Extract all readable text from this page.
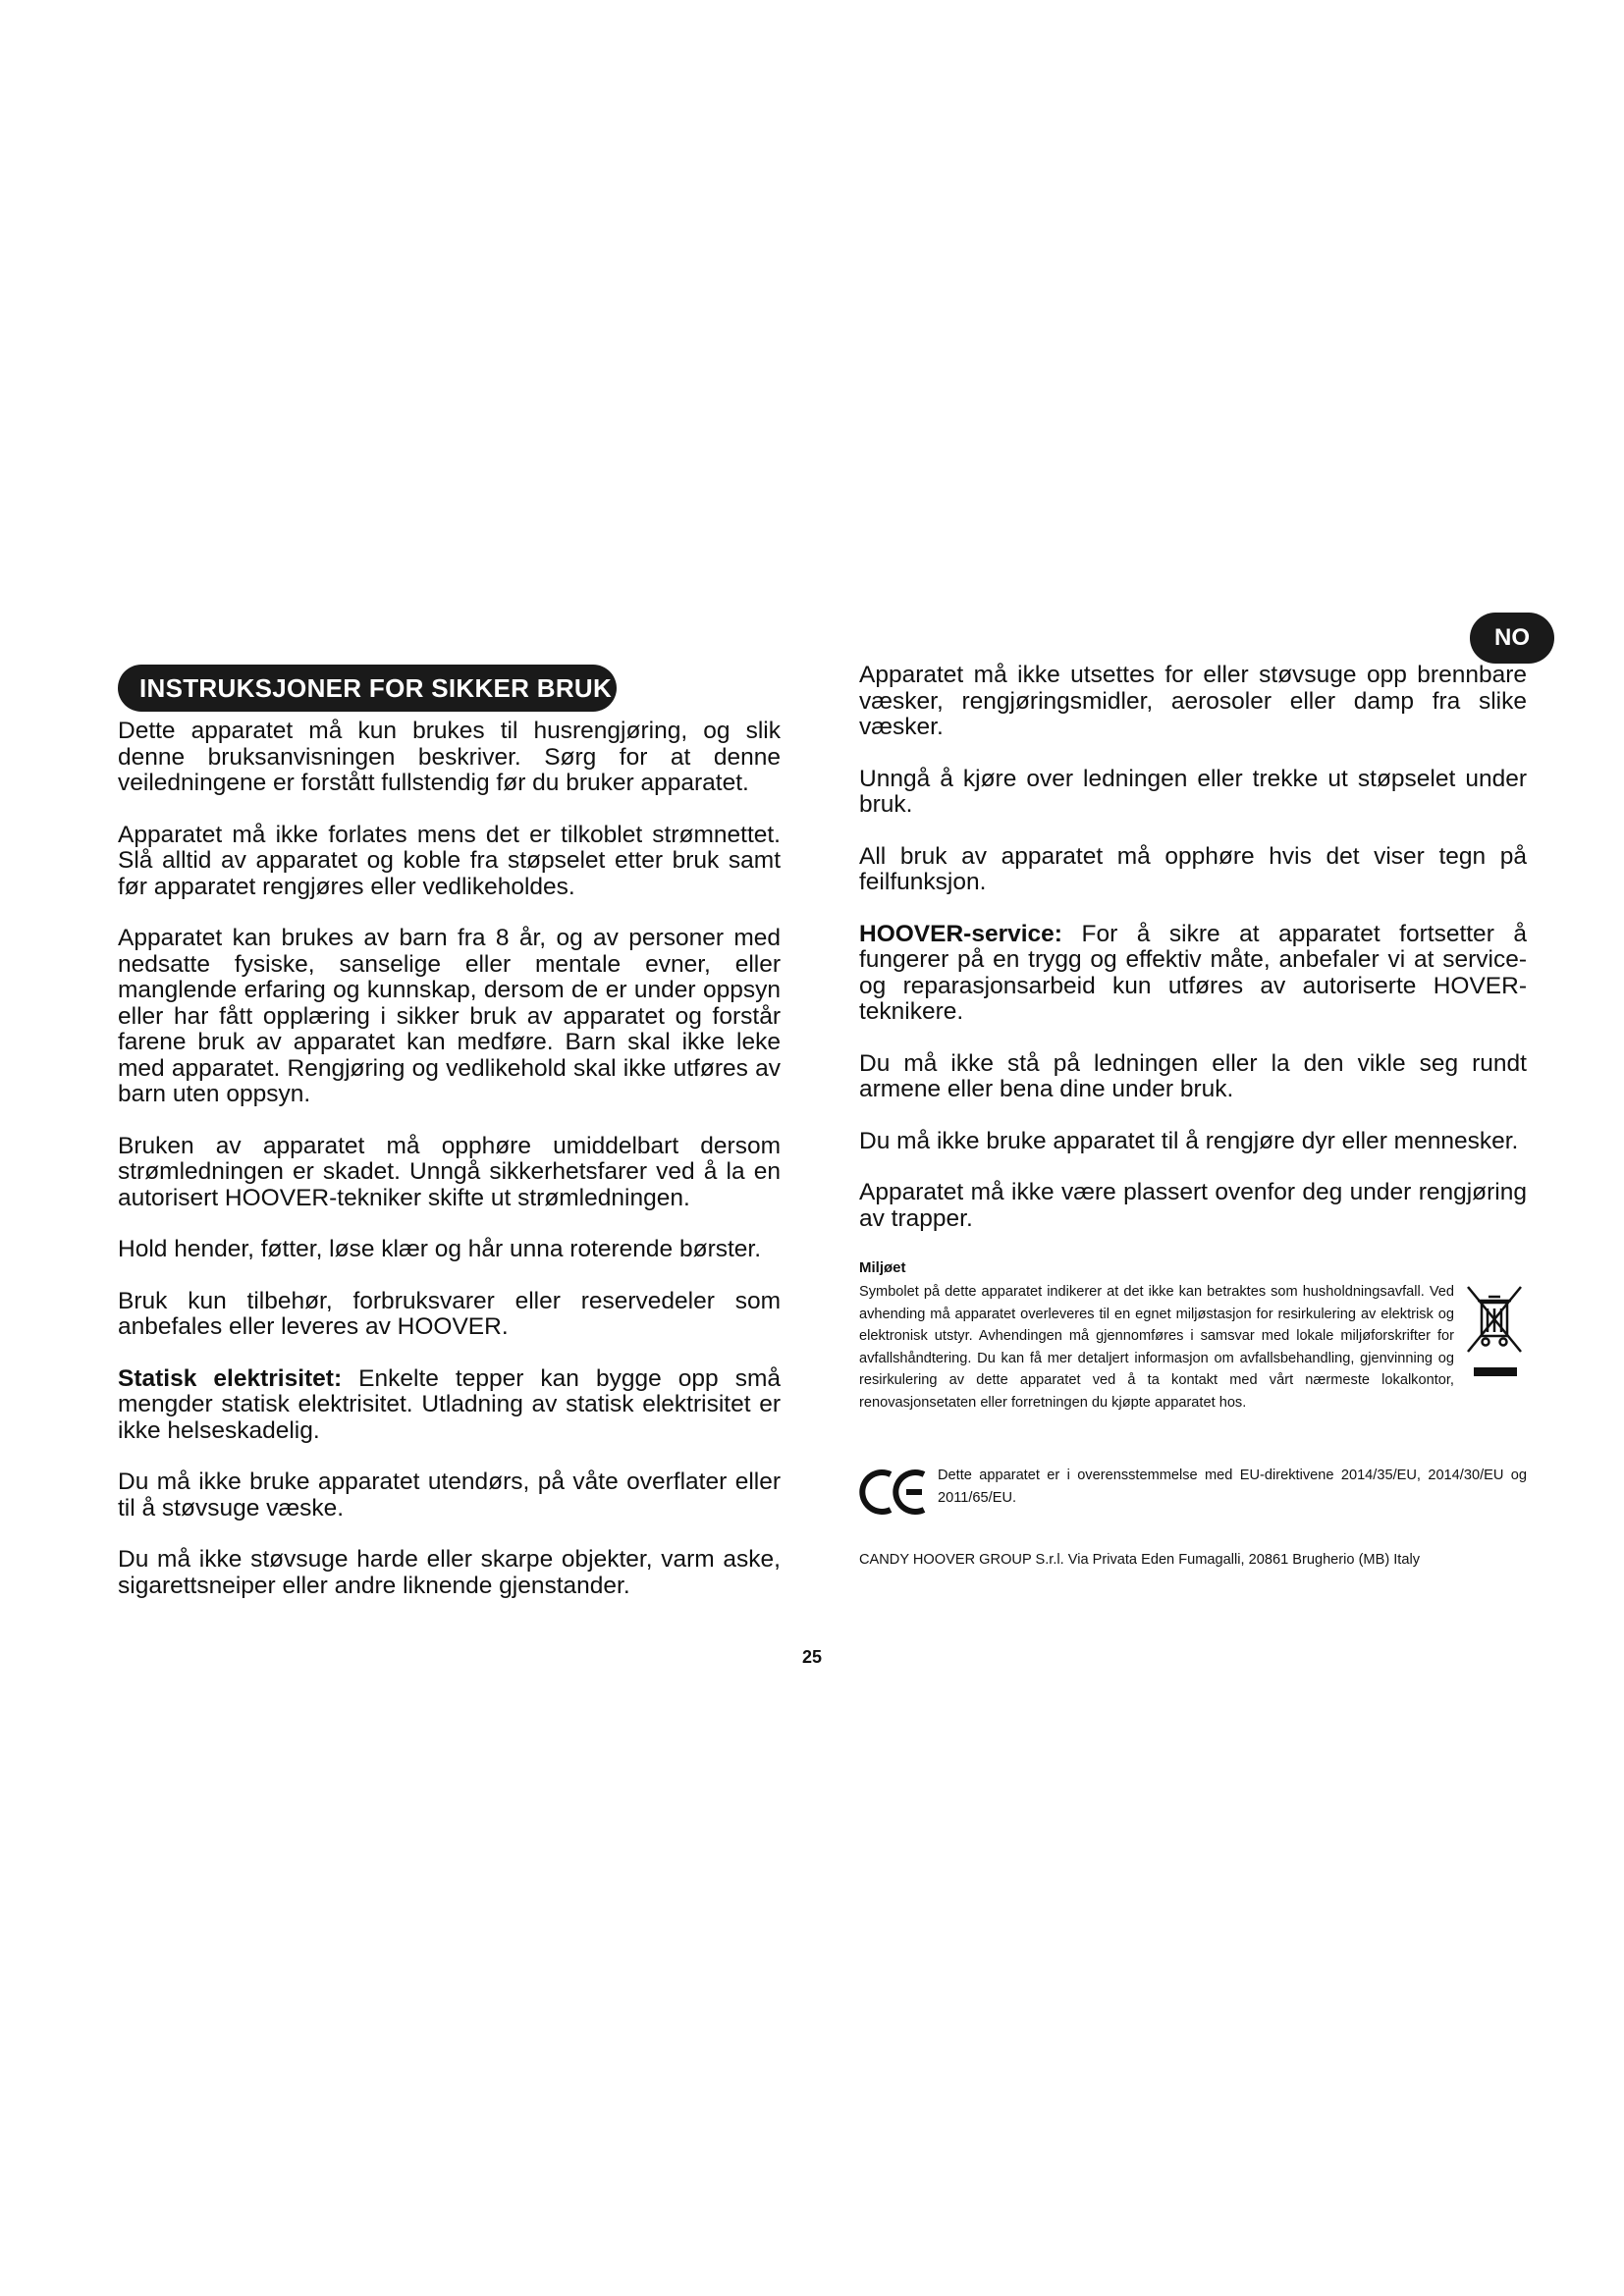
INSTRUKSJONER FOR SIKKER BRUK
NO

Dette apparatet må kun brukes til husrengjøring, og slik denne bruksanvisningen beskriver. Sørg for at denne veiledningene er forstått fullstendig før du bruker apparatet.

Apparatet må ikke forlates mens det er tilkoblet strømnettet. Slå alltid av apparatet og koble fra støpselet etter bruk samt før apparatet rengjøres eller vedlikeholdes.

Apparatet kan brukes av barn fra 8 år, og av personer med nedsatte fysiske, sanselige eller mentale evner, eller manglende erfaring og kunnskap, dersom de er under oppsyn eller har fått opplæring i sikker bruk av apparatet og forstår farene bruk av apparatet kan medføre. Barn skal ikke leke med apparatet. Rengjøring og vedlikehold skal ikke utføres av barn uten oppsyn.

Bruken av apparatet må opphøre umiddelbart dersom strømledningen er skadet. Unngå sikkerhetsfarer ved å la en autorisert HOOVER-tekniker skifte ut strømledningen.

Hold hender, føtter, løse klær og hår unna roterende børster.

Bruk kun tilbehør, forbruksvarer eller reservedeler som anbefales eller leveres av HOOVER.

Statisk elektrisitet: Enkelte tepper kan bygge opp små mengder statisk elektrisitet. Utladning av statisk elektrisitet er ikke helseskadelig.

Du må ikke bruke apparatet utendørs, på våte overflater eller til å støvsuge væske.

Du må ikke støvsuge harde eller skarpe objekter, varm aske, sigarettsneiper eller andre liknende gjenstander.

Apparatet må ikke utsettes for eller støvsuge opp brennbare væsker, rengjøringsmidler, aerosoler eller damp fra slike væsker.

Unngå å kjøre over ledningen eller trekke ut støpselet under bruk.

All bruk av apparatet må opphøre hvis det viser tegn på feilfunksjon.

HOOVER-service: For å sikre at apparatet fortsetter å fungerer på en trygg og effektiv måte, anbefaler vi at service- og reparasjonsarbeid kun utføres av autoriserte HOVER-teknikere.

Du må ikke stå på ledningen eller la den vikle seg rundt armene eller bena dine under bruk.

Du må ikke bruke apparatet til å rengjøre dyr eller mennesker.

Apparatet må ikke være plassert ovenfor deg under rengjøring av trapper.

Miljøet

Symbolet på dette apparatet indikerer at det ikke kan betraktes som husholdningsavfall. Ved avhending må apparatet overleveres til en egnet miljøstasjon for resirkulering av elektrisk og elektronisk utstyr. Avhendingen må gjennomføres i samsvar med lokale miljøforskrifter for avfallshåndtering. Du kan få mer detaljert informasjon om avfallsbehandling, gjenvinning og resirkulering av dette apparatet ved å ta kontakt med vårt nærmeste lokalkontor, renovasjonsetaten eller forretningen du kjøpte apparatet hos.

Dette apparatet er i overensstemmelse med EU-direktivene 2014/35/EU, 2014/30/EU og 2011/65/EU.

CANDY HOOVER GROUP S.r.l. Via Privata Eden Fumagalli, 20861 Brugherio (MB) Italy
25
